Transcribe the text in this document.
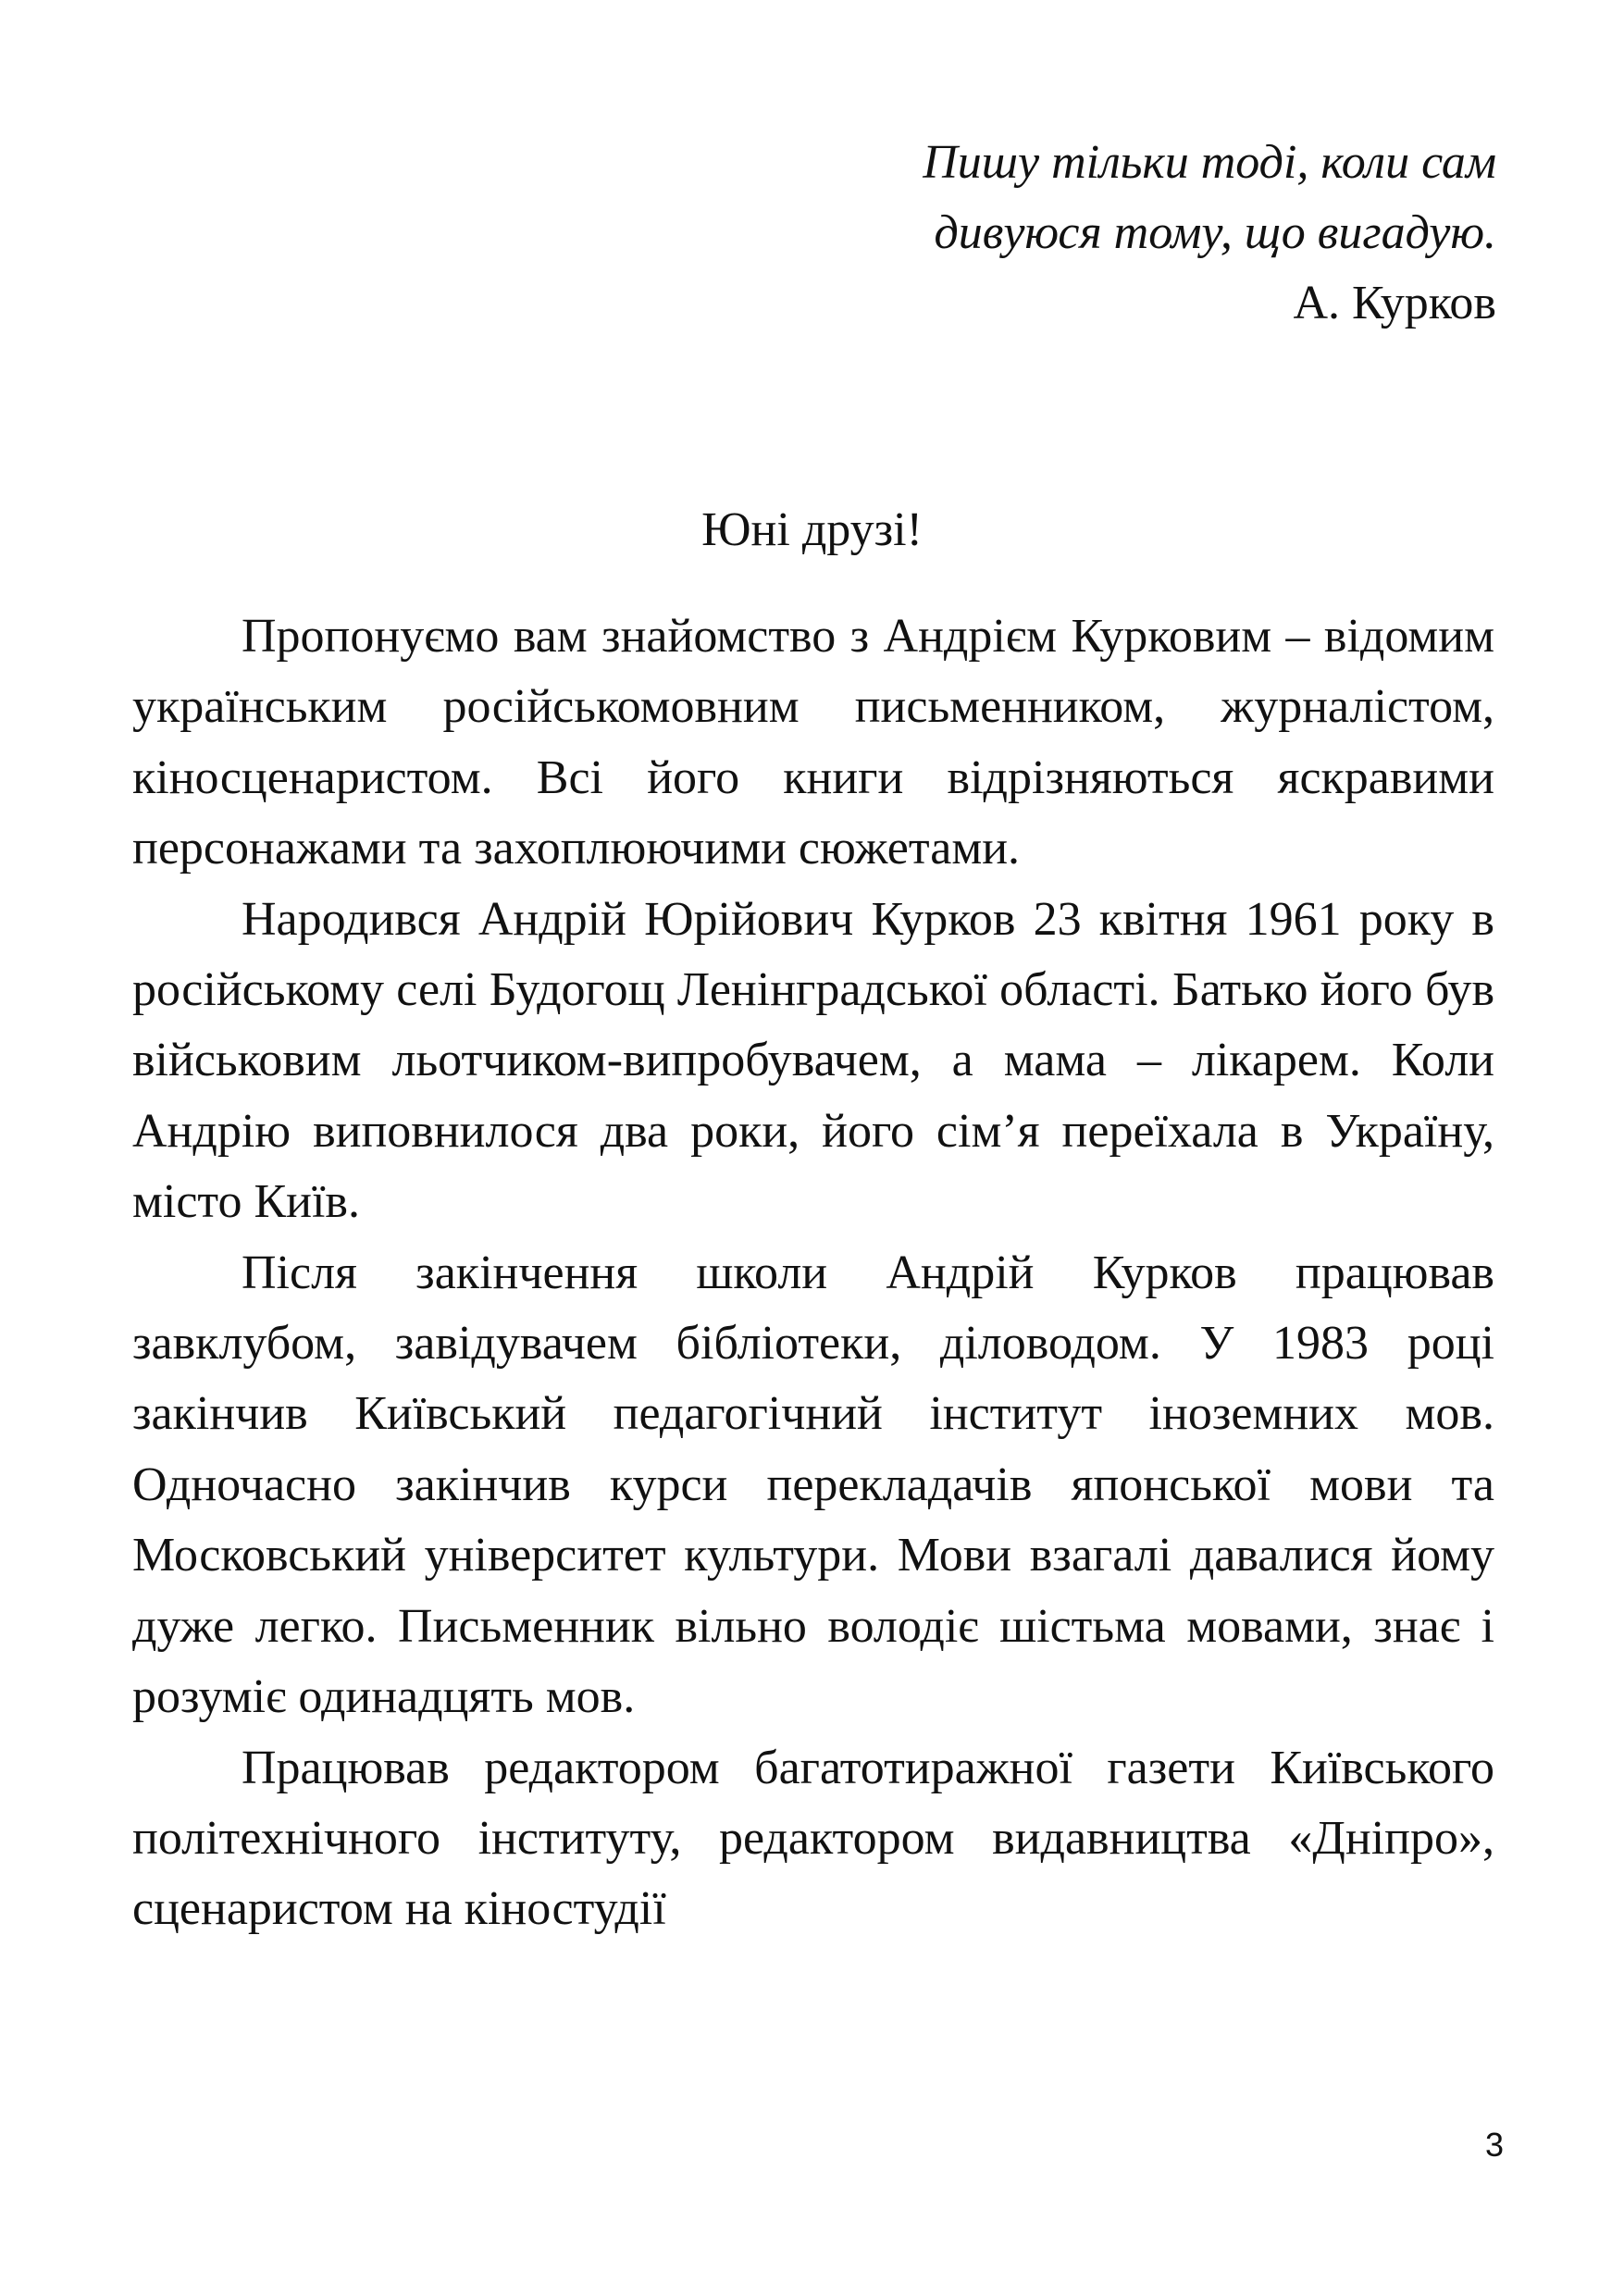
Пишу тільки тоді, коли сам
дивуюся тому, що вигадую.
А. Курков
Юні друзі!

Пропонуємо вам знайомство з Андрієм Курковим – відомим українським російськомовним письменником, журналістом, кіносценаристом. Всі його книги відрізняються яскравими персонажами та захоплюючими сюжетами.

Народився Андрій Юрійович Курков 23 квітня 1961 року в російському селі Будогощ Ленінградської області. Батько його був військовим льотчиком-випробувачем, а мама – лікарем. Коли Андрію виповнилося два роки, його сім’я переїхала в Україну, місто Київ.

Після закінчення школи Андрій Курков працював завклубом, завідувачем бібліотеки, діловодом. У 1983 році закінчив Київський педагогічний інститут іноземних мов. Одночасно закінчив курси перекладачів японської мови та Московський університет культури. Мови взагалі давалися йому дуже легко. Письменник вільно володіє шістьма мовами, знає і розуміє одинадцять мов.

Працював редактором багатотиражної газети Київського політехнічного інституту, редактором видавництва «Дніпро», сценаристом на кіностудії

3
